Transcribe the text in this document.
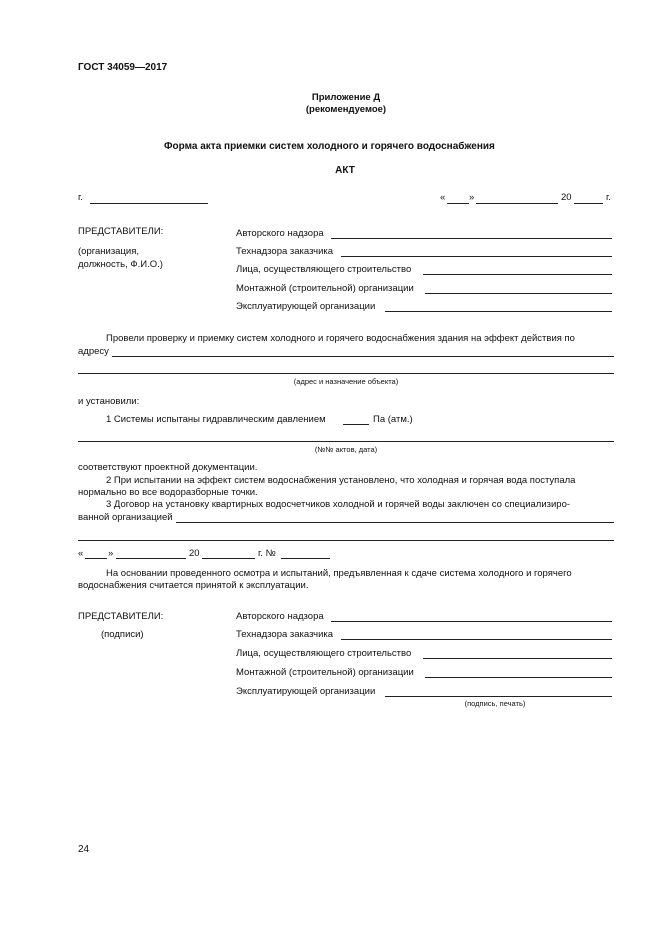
ГОСТ 34059—2017
Приложение Д
(рекомендуемое)
Форма акта приемки систем холодного и горячего водоснабжения
АКТ
г.	« »	20	г.
ПРЕДСТАВИТЕЛИ:
(организация,
должность, Ф.И.О.)
Авторского надзора
Технадзора заказчика
Лица, осуществляющего строительство
Монтажной (строительной) организации
Эксплуатирующей организации
Провели проверку и приемку систем холодного и горячего водоснабжения здания на эффект действия по
адресу
(адрес и назначение объекта)
и установили:
1 Системы испытаны гидравлическим давлением	Па (атм.)
(№№ актов, дата)
соответствуют проектной документации.
2 При испытании на эффект систем водоснабжения установлено, что холодная и горячая вода поступала
нормально во все водоразборные точки.
3 Договор на установку квартирных водосчетчиков холодной и горячей воды заключен со специализиро-
ванной организацией
«	»	20	г. №
На основании проведенного осмотра и испытаний, предъявленная к сдаче система холодного и горячего
водоснабжения считается принятой к эксплуатации.
ПРЕДСТАВИТЕЛИ:
(подписи)
Авторского надзора
Технадзора заказчика
Лица, осуществляющего строительство
Монтажной (строительной) организации
Эксплуатирующей организации
(подпись, печать)
24
